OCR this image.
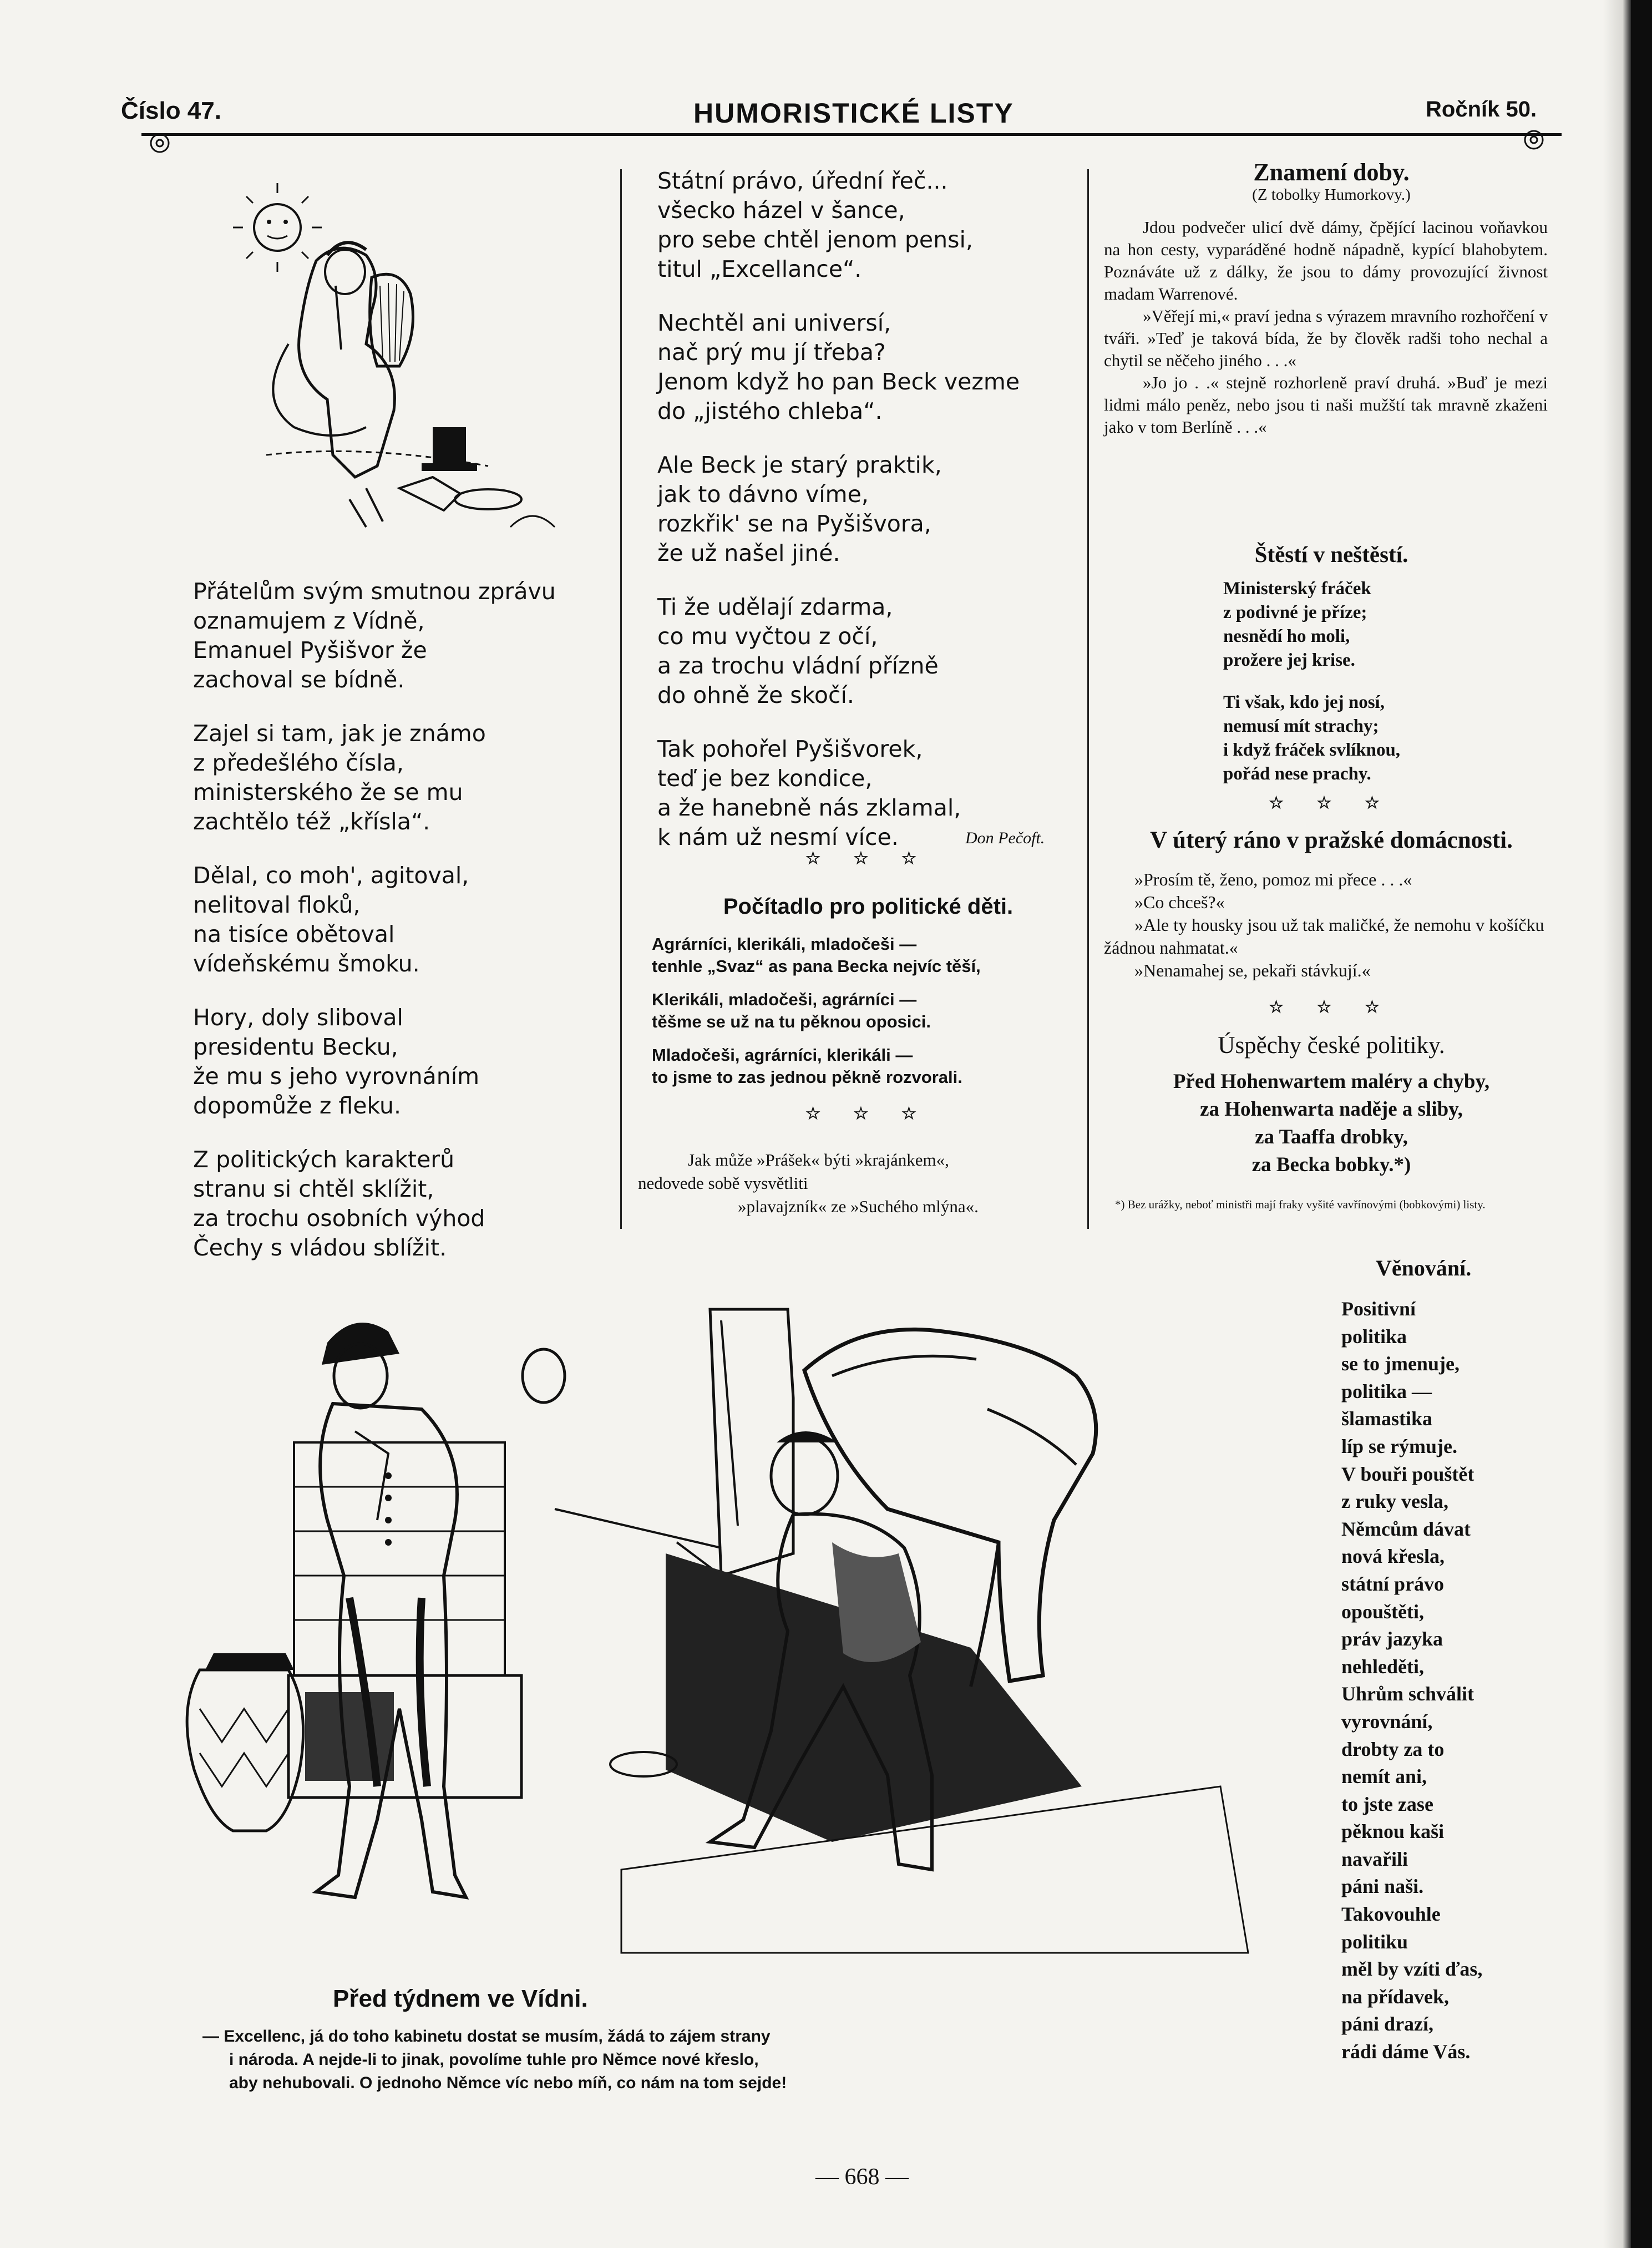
Číslo 47.	HUMORISTICKÉ LISTY	Ročník 50.

Přátelům svým smutnou zprávu
oznamujem z Vídně,
Emanuel Pyšišvor že
zachoval se bídně.

Zajel si tam, jak je známo
z předešlého čísla,
ministerského že se mu
zachtělo též „křísla“.

Dělal, co moh', agitoval,
nelitoval floků,
na tisíce obětoval
vídeňskému šmoku.

Hory, doly sliboval
presidentu Becku,
že mu s jeho vyrovnáním
dopomůže z fleku.

Z politických karakterů
stranu si chtěl sklížit,
za trochu osobních výhod
Čechy s vládou sblížit.

Státní právo, úřední řeč...
všecko házel v šance,
pro sebe chtěl jenom pensi,
titul „Excellance“.

Nechtěl ani universí,
nač prý mu jí třeba?
Jenom když ho pan Beck vezme
do „jistého chleba“.

Ale Beck je starý praktik,
jak to dávno víme,
rozkřik' se na Pyšišvora,
že už našel jiné.

Ti že udělají zdarma,
co mu vyčtou z očí,
a za trochu vládní přízně
do ohně že skočí.

Tak pohořel Pyšišvorek,
teď je bez kondice,
a že hanebně nás zklamal,
k nám už nesmí více.	Don Pečoft.
☆ ☆ ☆
Počítadlo pro politické děti.
Agrárníci, klerikáli, mladočeši —
tenhle „Svaz“ as pana Becka nejvíc těší,
Klerikáli, mladočeši, agrárníci —
těšme se už na tu pěknou oposici.
Mladočeši, agrárníci, klerikáli —
to jsme to zas jednou pěkně rozvorali.
☆ ☆ ☆
Jak může »Prášek« býti »krajánkem«,
nedovede sobě vysvětliti
»plavajzník« ze »Suchého mlýna«.
Znamení doby.
(Z tobolky Humorkovy.)
Jdou podvečer ulicí dvě dámy, čpějící lacinou voňavkou na hon cesty, vyparáděné hodně nápadně, kypící blahobytem. Poznáváte už z dálky, že jsou to dámy provozující živnost madam Warrenové.
»Věřejí mi,« praví jedna s výrazem mravního rozhořčení v tváři. »Teď je taková bída, že by člověk radši toho nechal a chytil se něčeho jiného . . .«
»Jo jo . .« stejně rozhorleně praví druhá. »Buď je mezi lidmi málo peněz, nebo jsou ti naši mužští tak mravně zkaženi jako v tom Berlíně . . .«
Štěstí v neštěstí.
Ministerský fráček
z podivné je příze;
nesnědí ho moli,
prožere jej krise.
Ti však, kdo jej nosí,
nemusí mít strachy;
i když fráček svlíknou,
pořád nese prachy.
☆ ☆ ☆
V úterý ráno v pražské domácnosti.
»Prosím tě, ženo, pomoz mi přece . . .«
»Co chceš?«
»Ale ty housky jsou už tak maličké, že nemohu v košíčku žádnou nahmatat.«
»Nenamahej se, pekaři stávkují.«
☆ ☆ ☆
Úspěchy české politiky.
Před Hohenwartem maléry a chyby,
za Hohenwarta naděje a sliby,
za Taaffa drobky,
za Becka bobky.*)
*) Bez urážky, neboť ministři mají fraky vyšité vavřínovými (bobkovými) listy.
Věnování.
Positivní
politika
se to jmenuje,
politika —
šlamastika
líp se rýmuje.
V bouři pouštět
z ruky vesla,
Němcům dávat
nová křesla,
státní právo
opouštěti,
práv jazyka
nehleděti,
Uhrům schválit
vyrovnání,
drobty za to
nemít ani,
to jste zase
pěknou kaši
navařili
páni naši.
Takovouhle
politiku
měl by vzíti ďas,
na přídavek,
páni drazí,
rádi dáme Vás.
Před týdnem ve Vídni.
— Excellenc, já do toho kabinetu dostat se musím, žádá to zájem strany
i národa. A nejde-li to jinak, povolíme tuhle pro Němce nové křeslo,
aby nehubovali. O jednoho Němce víc nebo míň, co nám na tom sejde!
— 668 —
